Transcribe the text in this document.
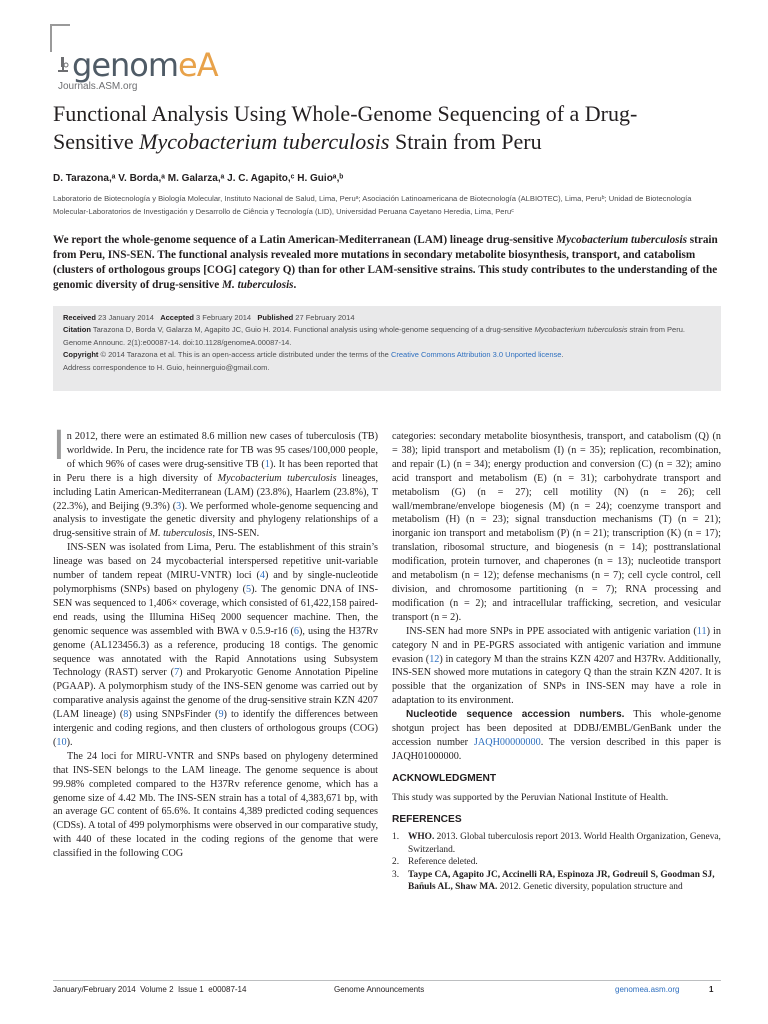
genomeA
Journals.ASM.org
Functional Analysis Using Whole-Genome Sequencing of a Drug-
Sensitive Mycobacterium tuberculosis Strain from Peru
D. Tarazona,ᵃ V. Borda,ᵃ M. Galarza,ᵃ J. C. Agapito,ᶜ H. Guioᵃ,ᵇ
Laboratorio de Biotecnología y Biología Molecular, Instituto Nacional de Salud, Lima, Peruᵃ; Asociación Latinoamericana de Biotecnología (ALBIOTEC), Lima, Peruᵇ; Unidad de Biotecnología Molecular-Laboratorios de Investigación y Desarrollo de Ciência y Tecnología (LID), Universidad Peruana Cayetano Heredia, Lima, Peruᶜ
We report the whole-genome sequence of a Latin American-Mediterranean (LAM) lineage drug-sensitive Mycobacterium tuberculosis strain from Peru, INS-SEN. The functional analysis revealed more mutations in secondary metabolite biosynthesis, transport, and catabolism (clusters of orthologous groups [COG] category Q) than for other LAM-sensitive strains. This study contributes to the understanding of the genomic diversity of drug-sensitive M. tuberculosis.
Received 23 January 2014 Accepted 3 February 2014 Published 27 February 2014
Citation Tarazona D, Borda V, Galarza M, Agapito JC, Guio H. 2014. Functional analysis using whole-genome sequencing of a drug-sensitive Mycobacterium tuberculosis strain from Peru. Genome Announc. 2(1):e00087-14. doi:10.1128/genomeA.00087-14.
Copyright © 2014 Tarazona et al. This is an open-access article distributed under the terms of the Creative Commons Attribution 3.0 Unported license.
Address correspondence to H. Guio, heinnerguio@gmail.com.

In 2012, there were an estimated 8.6 million new cases of tuberculosis (TB) worldwide. In Peru, the incidence rate for TB was 95 cases/100,000 people, of which 96% of cases were drug-sensitive TB (1). It has been reported that in Peru there is a high diversity of Mycobacterium tuberculosis lineages, including Latin American-Mediterranean (LAM) (23.8%), Haarlem (23.8%), T (22.3%), and Beijing (9.3%) (3). We performed whole-genome sequencing and analysis to investigate the genetic diversity and phylogeny relationships of a drug-sensitive strain of M. tuberculosis, INS-SEN.

INS-SEN was isolated from Lima, Peru. The establishment of this strain’s lineage was based on 24 mycobacterial interspersed repetitive unit-variable number of tandem repeat (MIRU-VNTR) loci (4) and by single-nucleotide polymorphisms (SNPs) based on phylogeny (5). The genomic DNA of INS-SEN was sequenced to 1,406× coverage, which consisted of 61,422,158 paired-end reads, using the Illumina HiSeq 2000 sequencer machine. Then, the genomic sequence was assembled with BWA v 0.5.9-r16 (6), using the H37Rv genome (AL123456.3) as a reference, producing 18 contigs. The genomic sequence was annotated with the Rapid Annotations using Subsystem Technology (RAST) server (7) and Prokaryotic Genome Annotation Pipeline (PGAAP). A polymorphism study of the INS-SEN genome was carried out by comparative analysis against the genome of the drug-sensitive strain KZN 4207 (LAM lineage) (8) using SNPsFinder (9) to identify the differences between intergenic and coding regions, and then clusters of orthologous groups (COG) (10).

The 24 loci for MIRU-VNTR and SNPs based on phylogeny determined that INS-SEN belongs to the LAM lineage. The genome sequence is about 99.98% completed compared to the H37Rv reference genome, which has a genome size of 4.42 Mb. The INS-SEN strain has a total of 4,383,671 bp, with an average GC content of 65.6%. It contains 4,389 predicted coding sequences (CDSs). A total of 499 polymorphisms were observed in our comparative study, with 440 of these located in the coding regions of the genome that were classified in the following COG

categories: secondary metabolite biosynthesis, transport, and catabolism (Q) (n = 38); lipid transport and metabolism (I) (n = 35); replication, recombination, and repair (L) (n = 34); energy production and conversion (C) (n = 32); amino acid transport and metabolism (E) (n = 31); carbohydrate transport and metabolism (G) (n = 27); cell motility (N) (n = 26); cell wall/membrane/envelope biogenesis (M) (n = 24); coenzyme transport and metabolism (H) (n = 23); signal transduction mechanisms (T) (n = 21); inorganic ion transport and metabolism (P) (n = 21); transcription (K) (n = 17); translation, ribosomal structure, and biogenesis (n = 14); posttranslational modification, protein turnover, and chaperones (n = 13); nucleotide transport and metabolism (n = 12); defense mechanisms (n = 7); cell cycle control, cell division, and chromosome partitioning (n = 7); RNA processing and modification (n = 2); and intracellular trafficking, secretion, and vesicular transport (n = 2).

INS-SEN had more SNPs in PPE associated with antigenic variation (11) in category N and in PE-PGRS associated with antigenic variation and immune evasion (12) in category M than the strains KZN 4207 and H37Rv. Additionally, INS-SEN showed more mutations in category Q than the strain KZN 4207. It is possible that the organization of SNPs in INS-SEN may have a role in adaptation to its environment.

Nucleotide sequence accession numbers. This whole-genome shotgun project has been deposited at DDBJ/EMBL/GenBank under the accession number JAQH00000000. The version described in this paper is JAQH01000000.

ACKNOWLEDGMENT

This study was supported by the Peruvian National Institute of Health.

REFERENCES
1. WHO. 2013. Global tuberculosis report 2013. World Health Organization, Geneva, Switzerland.
2. Reference deleted.
3. Taype CA, Agapito JC, Accinelli RA, Espinoza JR, Godreuil S, Goodman SJ, Bañuls AL, Shaw MA. 2012. Genetic diversity, population structure and
January/February 2014  Volume 2  Issue 1  e00087-14	Genome Announcements	genomea.asm.org	1
